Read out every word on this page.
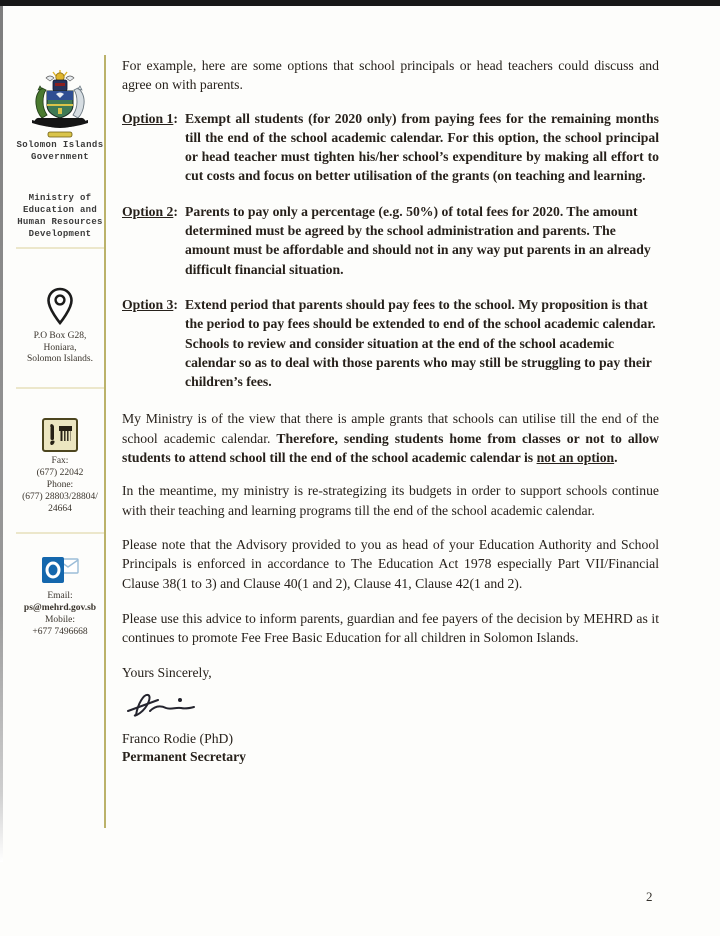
Solomon Islands
Government
Ministry of
Education and
Human Resources
Development
P.O Box G28,
Honiara,
Solomon Islands.
Fax:
(677) 22042
Phone:
(677) 28803/28804/
24664
Email:
ps@mehrd.gov.sb
Mobile:
+677 7496668

For example, here are some options that school principals or head teachers could discuss and agree on with parents.

Option 1: Exempt all students (for 2020 only) from paying fees for the remaining months till the end of the school academic calendar. For this option, the school principal or head teacher must tighten his/her school’s expenditure by making all effort to cut costs and focus on better utilisation of the grants (on teaching and learning.
Option 2: Parents to pay only a percentage (e.g. 50%) of total fees for 2020. The amount determined must be agreed by the school administration and parents. The amount must be affordable and should not in any way put parents in an already difficult financial situation.
Option 3: Extend period that parents should pay fees to the school. My proposition is that the period to pay fees should be extended to end of the school academic calendar. Schools to review and consider situation at the end of the school academic calendar so as to deal with those parents who may still be struggling to pay their children’s fees.

My Ministry is of the view that there is ample grants that schools can utilise till the end of the school academic calendar. Therefore, sending students home from classes or not to allow students to attend school till the end of the school academic calendar is not an option.

In the meantime, my ministry is re-strategizing its budgets in order to support schools continue with their teaching and learning programs till the end of the school academic calendar.

Please note that the Advisory provided to you as head of your Education Authority and School Principals is enforced in accordance to The Education Act 1978 especially Part VII/Financial Clause 38(1 to 3) and Clause 40(1 and 2), Clause 41, Clause 42(1 and 2).

Please use this advice to inform parents, guardian and fee payers of the decision by MEHRD as it continues to promote Fee Free Basic Education for all children in Solomon Islands.

Yours Sincerely,

Franco Rodie (PhD)
Permanent Secretary
2
